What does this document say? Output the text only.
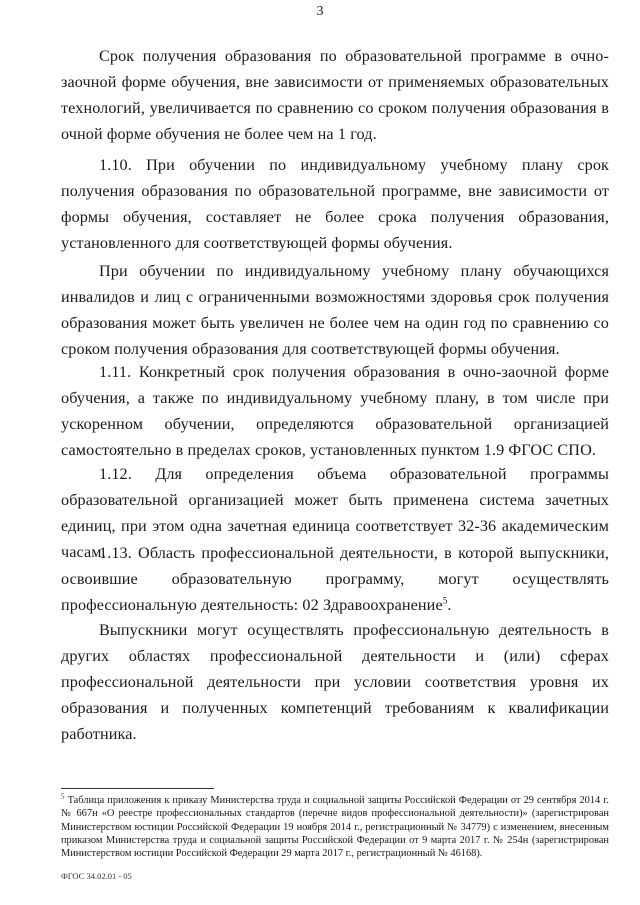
3

Срок получения образования по образовательной программе в очно-заочной форме обучения, вне зависимости от применяемых образовательных технологий, увеличивается по сравнению со сроком получения образования в очной форме обучения не более чем на 1 год.

1.10. При обучении по индивидуальному учебному плану срок получения образования по образовательной программе, вне зависимости от формы обучения, составляет не более срока получения образования, установленного для соответствующей формы обучения.

При обучении по индивидуальному учебному плану обучающихся инвалидов и лиц с ограниченными возможностями здоровья срок получения образования может быть увеличен не более чем на один год по сравнению со сроком получения образования для соответствующей формы обучения.

1.11. Конкретный срок получения образования в очно-заочной форме обучения, а также по индивидуальному учебному плану, в том числе при ускоренном обучении, определяются образовательной организацией самостоятельно в пределах сроков, установленных пунктом 1.9 ФГОС СПО.

1.12. Для определения объема образовательной программы образовательной организацией может быть применена система зачетных единиц, при этом одна зачетная единица соответствует 32-36 академическим часам.

1.13. Область профессиональной деятельности, в которой выпускники, освоившие образовательную программу, могут осуществлять профессиональную деятельность: 02 Здравоохранение$^5$.

Выпускники могут осуществлять профессиональную деятельность в других областях профессиональной деятельности и (или) сферах профессиональной деятельности при условии соответствия уровня их образования и полученных компетенций требованиям к квалификации работника.

$^5$ Таблица приложения к приказу Министерства труда и социальной защиты Российской Федерации от 29 сентября 2014 г. № 667н «О реестре профессиональных стандартов (перечне видов профессиональной деятельности)» (зарегистрирован Министерством юстиции Российской Федерации 19 ноября 2014 г., регистрационный № 34779) с изменением, внесенным приказом Министерства труда и социальной защиты Российской Федерации от 9 марта 2017 г. № 254н (зарегистрирован Министерством юстиции Российской Федерации 29 марта 2017 г., регистрационный № 46168).

ФГОС 34.02.01 - 05
